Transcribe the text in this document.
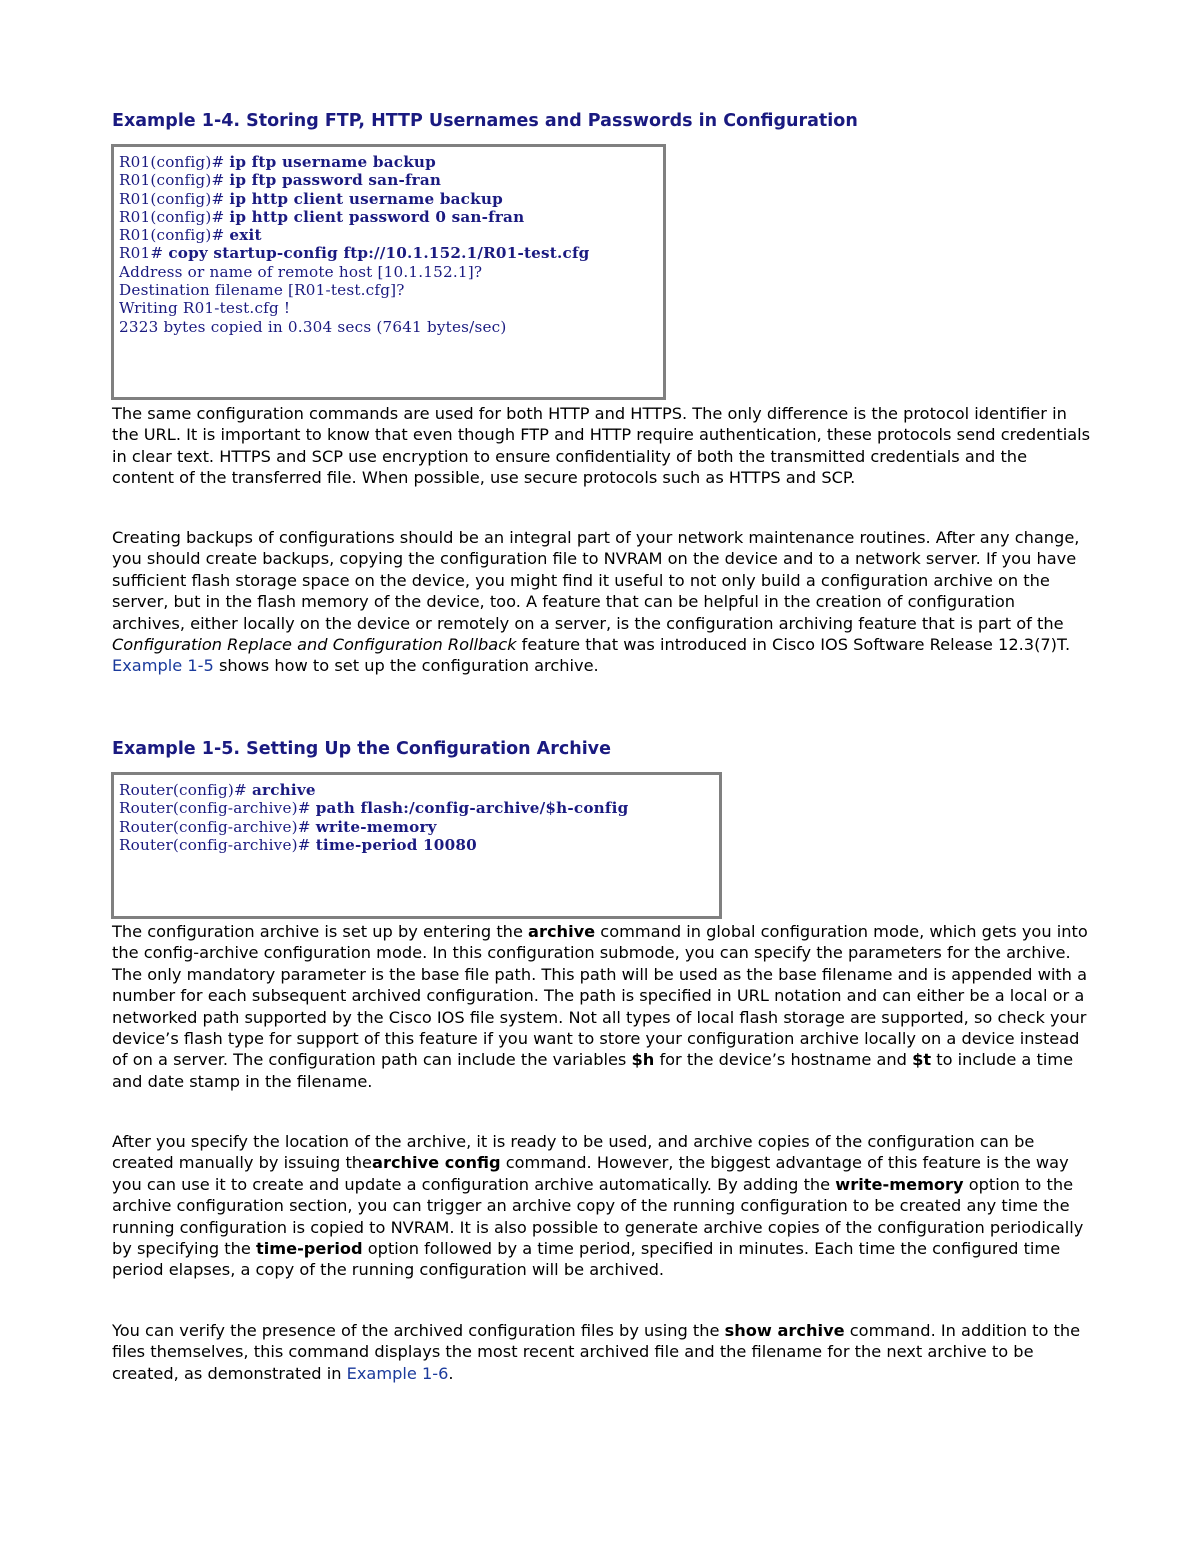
Example 1-4. Storing FTP, HTTP Usernames and Passwords in Configuration
R01(config)# ip ftp username backup
R01(config)# ip ftp password san-fran
R01(config)# ip http client username backup
R01(config)# ip http client password 0 san-fran
R01(config)# exit
R01# copy startup-config ftp://10.1.152.1/R01-test.cfg
Address or name of remote host [10.1.152.1]?
Destination filename [R01-test.cfg]?
Writing R01-test.cfg !
2323 bytes copied in 0.304 secs (7641 bytes/sec)

The same configuration commands are used for both HTTP and HTTPS. The only difference is the protocol identifier in the URL. It is important to know that even though FTP and HTTP require authentication, these protocols send credentials in clear text. HTTPS and SCP use encryption to ensure confidentiality of both the transmitted credentials and the content of the transferred file. When possible, use secure protocols such as HTTPS and SCP.

Creating backups of configurations should be an integral part of your network maintenance routines. After any change, you should create backups, copying the configuration file to NVRAM on the device and to a network server. If you have sufficient flash storage space on the device, you might find it useful to not only build a configuration archive on the server, but in the flash memory of the device, too. A feature that can be helpful in the creation of configuration archives, either locally on the device or remotely on a server, is the configuration archiving feature that is part of the Configuration Replace and Configuration Rollback feature that was introduced in Cisco IOS Software Release 12.3(7)T. Example 1-5 shows how to set up the configuration archive.

Example 1-5. Setting Up the Configuration Archive
Router(config)# archive
Router(config-archive)# path flash:/config-archive/$h-config
Router(config-archive)# write-memory
Router(config-archive)# time-period 10080

The configuration archive is set up by entering the archive command in global configuration mode, which gets you into the config-archive configuration mode. In this configuration submode, you can specify the parameters for the archive. The only mandatory parameter is the base file path. This path will be used as the base filename and is appended with a number for each subsequent archived configuration. The path is specified in URL notation and can either be a local or a networked path supported by the Cisco IOS file system. Not all types of local flash storage are supported, so check your device’s flash type for support of this feature if you want to store your configuration archive locally on a device instead of on a server. The configuration path can include the variables $h for the device’s hostname and $t to include a time and date stamp in the filename.

After you specify the location of the archive, it is ready to be used, and archive copies of the configuration can be created manually by issuing thearchive config command. However, the biggest advantage of this feature is the way you can use it to create and update a configuration archive automatically. By adding the write-memory option to the archive configuration section, you can trigger an archive copy of the running configuration to be created any time the running configuration is copied to NVRAM. It is also possible to generate archive copies of the configuration periodically by specifying the time-period option followed by a time period, specified in minutes. Each time the configured time period elapses, a copy of the running configuration will be archived.

You can verify the presence of the archived configuration files by using the show archive command. In addition to the files themselves, this command displays the most recent archived file and the filename for the next archive to be created, as demonstrated in Example 1-6.
